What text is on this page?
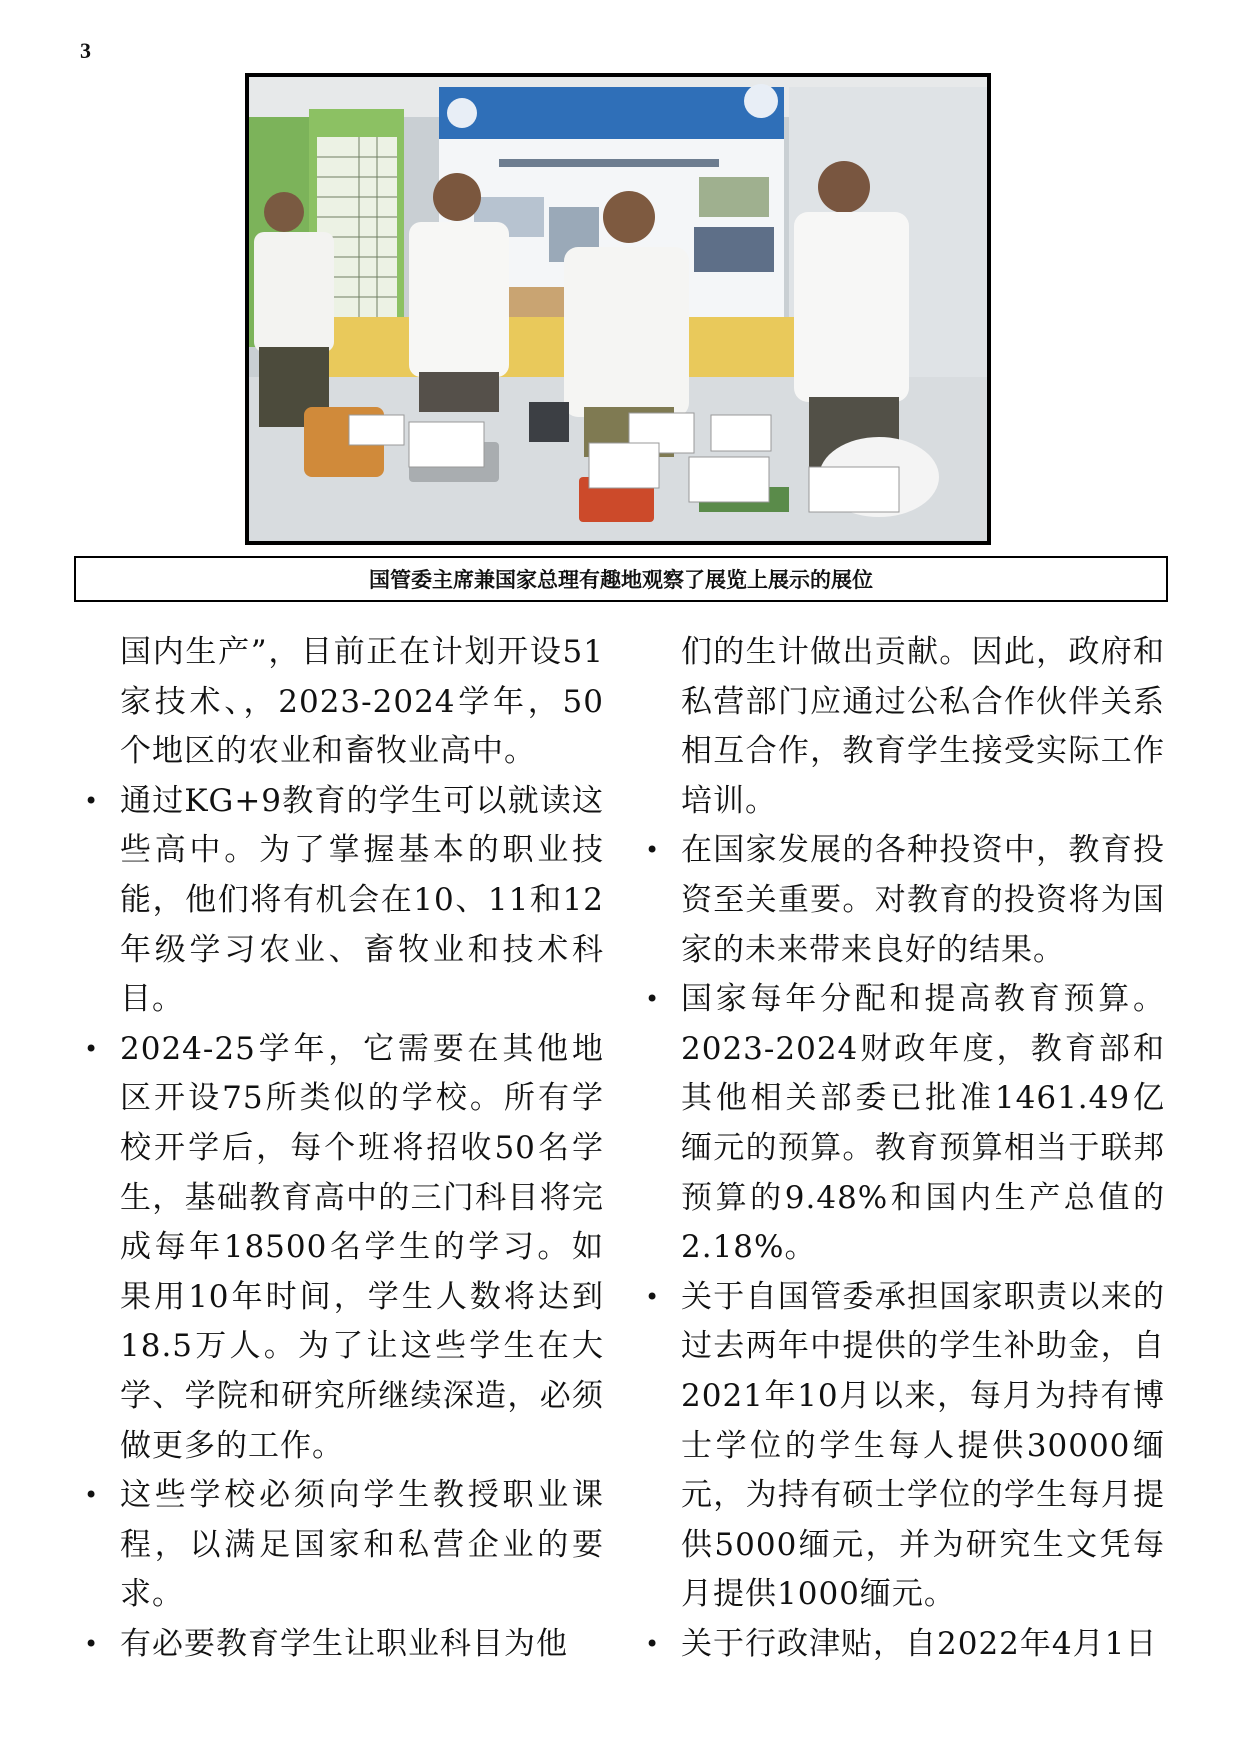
3
国管委主席兼国家总理有趣地观察了展览上展示的展位

国内生产”，目前正在计划开设51家技术、，2023-2024学年，50个地区的农业和畜牧业高中。

• 通过KG+9教育的学生可以就读这些高中。为了掌握基本的职业技能，他们将有机会在10、11和12年级学习农业、畜牧业和技术科目。

• 2024-25学年，它需要在其他地区开设75所类似的学校。所有学校开学后，每个班将招收50名学生，基础教育高中的三门科目将完成每年18500名学生的学习。如果用10年时间，学生人数将达到18.5万人。为了让这些学生在大学、学院和研究所继续深造，必须做更多的工作。

• 这些学校必须向学生教授职业课程，以满足国家和私营企业的要求。

• 有必要教育学生让职业科目为他

们的生计做出贡献。因此，政府和私营部门应通过公私合作伙伴关系相互合作，教育学生接受实际工作培训。

• 在国家发展的各种投资中，教育投资至关重要。对教育的投资将为国家的未来带来良好的结果。

• 国家每年分配和提高教育预算。2023-2024财政年度，教育部和其他相关部委已批准1461.49亿缅元的预算。教育预算相当于联邦预算的9.48%和国内生产总值的2.18%。

• 关于自国管委承担国家职责以来的过去两年中提供的学生补助金，自2021年10月以来，每月为持有博士学位的学生每人提供30000缅元，为持有硕士学位的学生每月提供5000缅元，并为研究生文凭每月提供1000缅元。

• 关于行政津贴，自2022年4月1日
